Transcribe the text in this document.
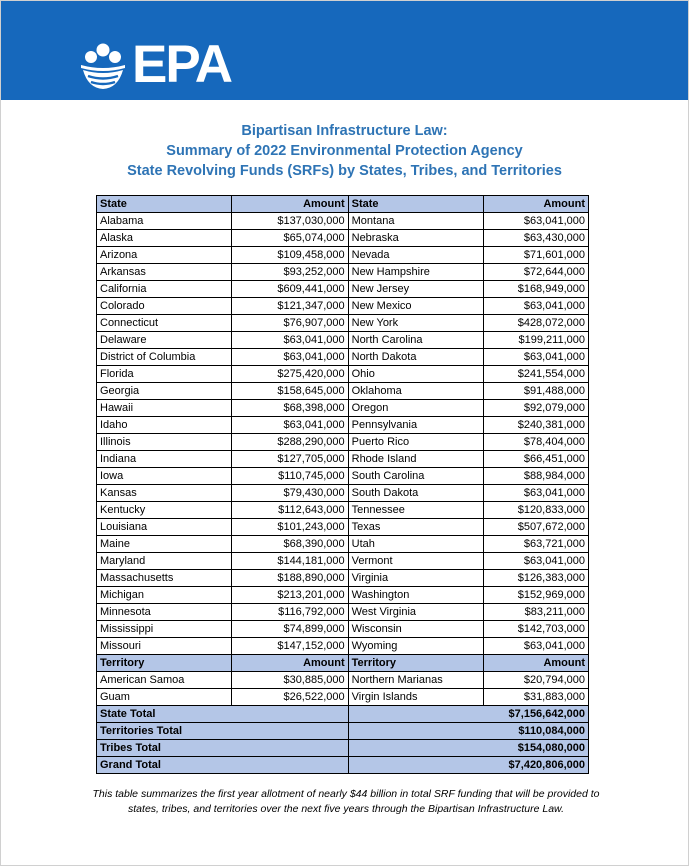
EPA
Bipartisan Infrastructure Law:
Summary of 2022 Environmental Protection Agency
State Revolving Funds (SRFs) by States, Tribes, and Territories
State	Amount	State	Amount
Alabama	$137,030,000	Montana	$63,041,000
Alaska	$65,074,000	Nebraska	$63,430,000
Arizona	$109,458,000	Nevada	$71,601,000
Arkansas	$93,252,000	New Hampshire	$72,644,000
California	$609,441,000	New Jersey	$168,949,000
Colorado	$121,347,000	New Mexico	$63,041,000
Connecticut	$76,907,000	New York	$428,072,000
Delaware	$63,041,000	North Carolina	$199,211,000
District of Columbia	$63,041,000	North Dakota	$63,041,000
Florida	$275,420,000	Ohio	$241,554,000
Georgia	$158,645,000	Oklahoma	$91,488,000
Hawaii	$68,398,000	Oregon	$92,079,000
Idaho	$63,041,000	Pennsylvania	$240,381,000
Illinois	$288,290,000	Puerto Rico	$78,404,000
Indiana	$127,705,000	Rhode Island	$66,451,000
Iowa	$110,745,000	South Carolina	$88,984,000
Kansas	$79,430,000	South Dakota	$63,041,000
Kentucky	$112,643,000	Tennessee	$120,833,000
Louisiana	$101,243,000	Texas	$507,672,000
Maine	$68,390,000	Utah	$63,721,000
Maryland	$144,181,000	Vermont	$63,041,000
Massachusetts	$188,890,000	Virginia	$126,383,000
Michigan	$213,201,000	Washington	$152,969,000
Minnesota	$116,792,000	West Virginia	$83,211,000
Mississippi	$74,899,000	Wisconsin	$142,703,000
Missouri	$147,152,000	Wyoming	$63,041,000
Territory	Amount	Territory	Amount
American Samoa	$30,885,000	Northern Marianas	$20,794,000
Guam	$26,522,000	Virgin Islands	$31,883,000
State Total		$7,156,642,000	
Territories Total		$110,084,000	
Tribes Total		$154,080,000	
Grand Total		$7,420,806,000	
This table summarizes the first year allotment of nearly $44 billion in total SRF funding that will be provided to states, tribes, and territories over the next five years through the Bipartisan Infrastructure Law.
